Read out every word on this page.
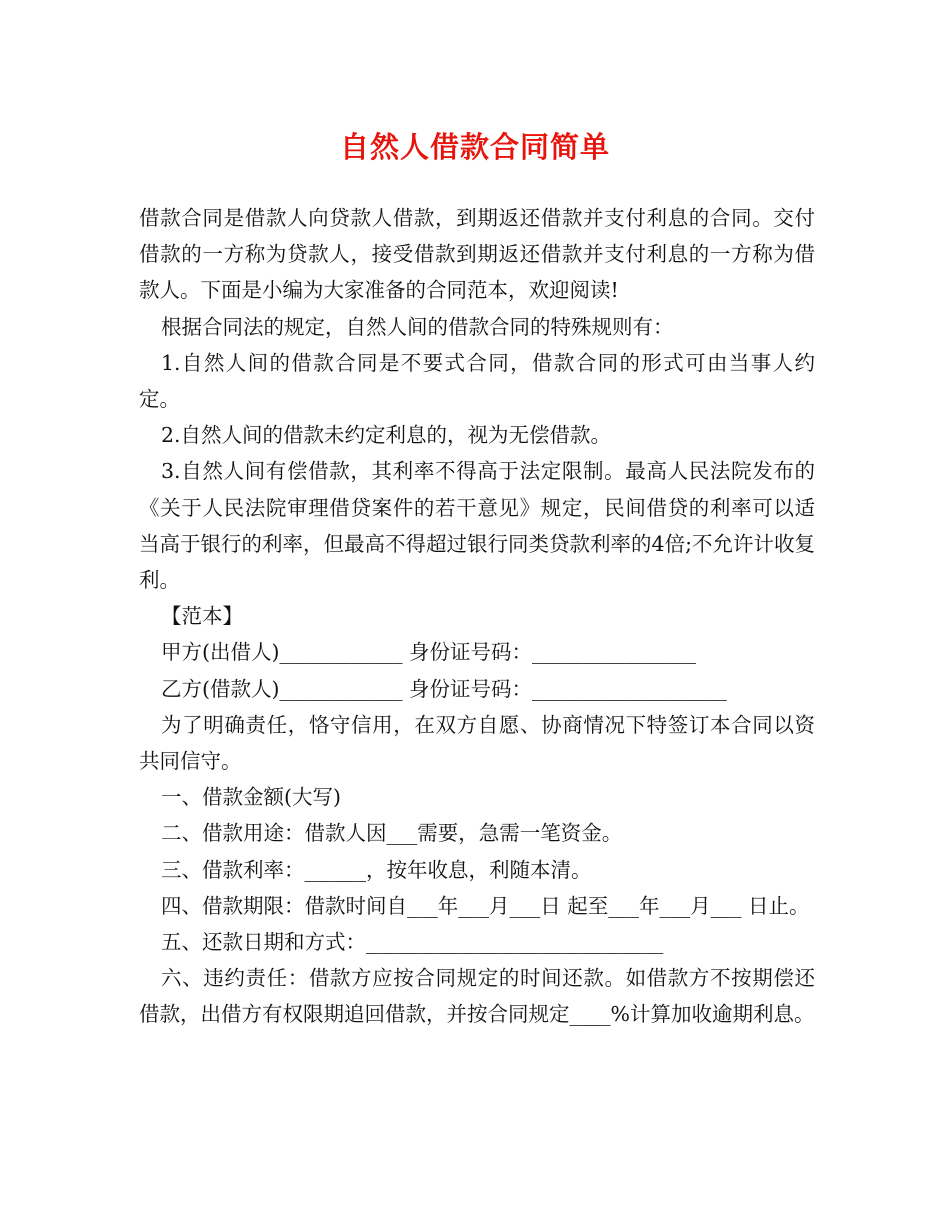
自然人借款合同简单

借款合同是借款人向贷款人借款，到期返还借款并支付利息的合同。交付借款的一方称为贷款人，接受借款到期返还借款并支付利息的一方称为借款人。下面是小编为大家准备的合同范本，欢迎阅读!

根据合同法的规定，自然人间的借款合同的特殊规则有：

1.自然人间的借款合同是不要式合同，借款合同的形式可由当事人约定。

2.自然人间的借款未约定利息的，视为无偿借款。

3.自然人间有偿借款，其利率不得高于法定限制。最高人民法院发布的《关于人民法院审理借贷案件的若干意见》规定，民间借贷的利率可以适当高于银行的利率，但最高不得超过银行同类贷款利率的4倍;不允许计收复利。

【范本】

甲方(出借人)____________ 身份证号码：________________

乙方(借款人)____________ 身份证号码：___________________

为了明确责任，恪守信用，在双方自愿、协商情况下特签订本合同以资共同信守。

一、借款金额(大写)

二、借款用途：借款人因___需要，急需一笔资金。

三、借款利率：______，按年收息，利随本清。

四、借款期限：借款时间自___年___月___日 起至___年___月___ 日止。

五、还款日期和方式：_____________________________

六、违约责任：借款方应按合同规定的时间还款。如借款方不按期偿还借款，出借方有权限期追回借款，并按合同规定____%计算加收逾期利息。
